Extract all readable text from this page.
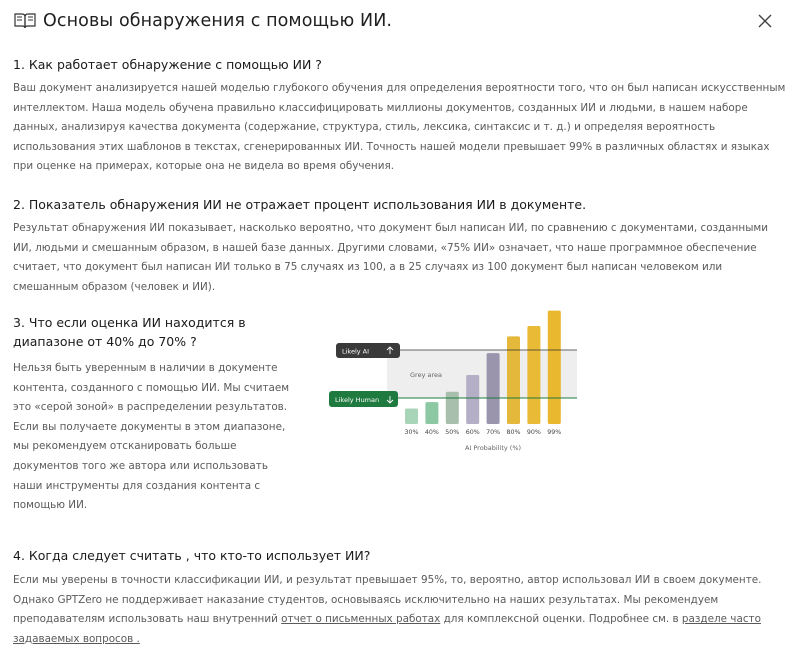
Основы обнаружения с помощью ИИ.
1. Как работает обнаружение с помощью ИИ ?
Ваш документ анализируется нашей моделью глубокого обучения для определения вероятности того, что он был написан искусственным интеллектом. Наша модель обучена правильно классифицировать миллионы документов, созданных ИИ и людьми, в нашем наборе данных, анализируя качества документа (содержание, структура, стиль, лексика, синтаксис и т. д.) и определяя вероятность использования этих шаблонов в текстах, сгенерированных ИИ. Точность нашей модели превышает 99% в различных областях и языках при оценке на примерах, которые она не видела во время обучения.
2. Показатель обнаружения ИИ не отражает процент использования ИИ в документе.
Результат обнаружения ИИ показывает, насколько вероятно, что документ был написан ИИ, по сравнению с документами, созданными ИИ, людьми и смешанным образом, в нашей базе данных. Другими словами, «75% ИИ» означает, что наше программное обеспечение считает, что документ был написан ИИ только в 75 случаях из 100, а в 25 случаях из 100 документ был написан человеком или смешанным образом (человек и ИИ).
3. Что если оценка ИИ находится в диапазоне от 40% до 70% ?
Нельзя быть уверенным в наличии в документе контента, созданного с помощью ИИ. Мы считаем это «серой зоной» в распределении результатов. Если вы получаете документы в этом диапазоне, мы рекомендуем отсканировать больше документов того же автора или использовать наши инструменты для создания контента с помощью ИИ.
Grey area
Likely AI
Likely Human
30% 40% 50% 60% 70% 80% 90% 99%
AI Probability (%)
4. Когда следует считать , что кто-то использует ИИ?
Если мы уверены в точности классификации ИИ, и результат превышает 95%, то, вероятно, автор использовал ИИ в своем документе. Однако GPTZero не поддерживает наказание студентов, основываясь исключительно на наших результатах. Мы рекомендуем преподавателям использовать наш внутренний отчет о письменных работах для комплексной оценки. Подробнее см. в разделе часто задаваемых вопросов .
